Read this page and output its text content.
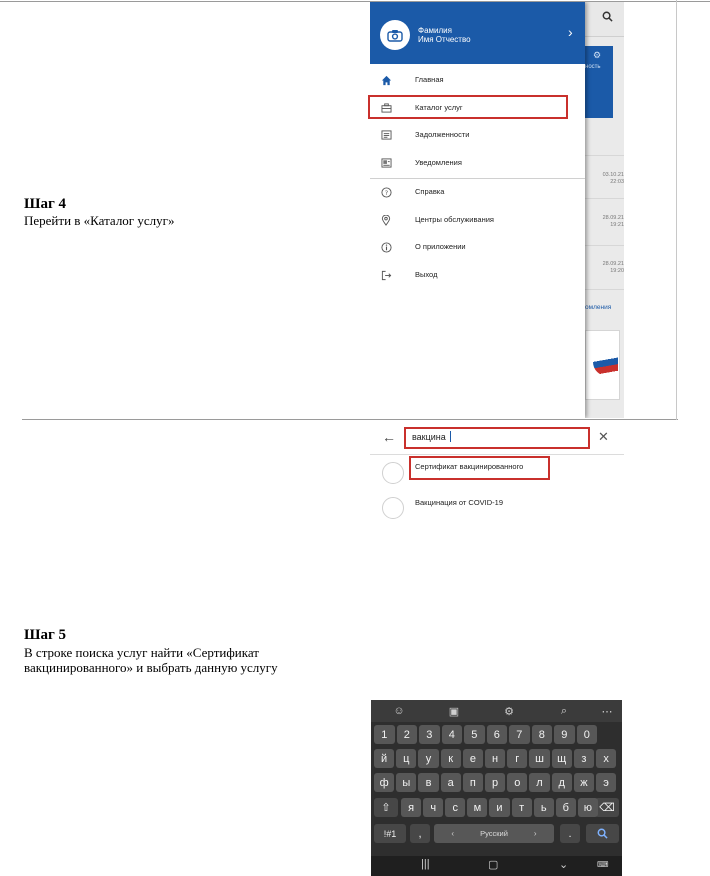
Шаг 4
Перейти в «Каталог услуг»
Шаг 5
В строке поиска услуг найти «Сертификат
вакцинированного» и выбрать данную услугу
ность
⚙
03.10.21
22:03
28.09.21
19:21
28.09.21
19:20
омления
Фамилия
Имя Отчество	›
Главная
Каталог услуг
Задолженности
Уведомления
?	Справка
Центры обслуживания
О приложении
Выход
← вакцина	✕
Сертификат вакцинированного
Вакцинация от COVID-19
☺	▣	⚙	⌕	⋯
1	2	3	4	5	6	7	8	9	0
й	ц	у	к	е	н	г	ш	щ	з	х
ф	ы	в	а	п	р	о	л	д	ж	э
⇧	⌫
я	ч	с	м	и	т	ь	б	ю
!#1	,	‹	Русский	›	.
|||	▢	⌄	⌨
